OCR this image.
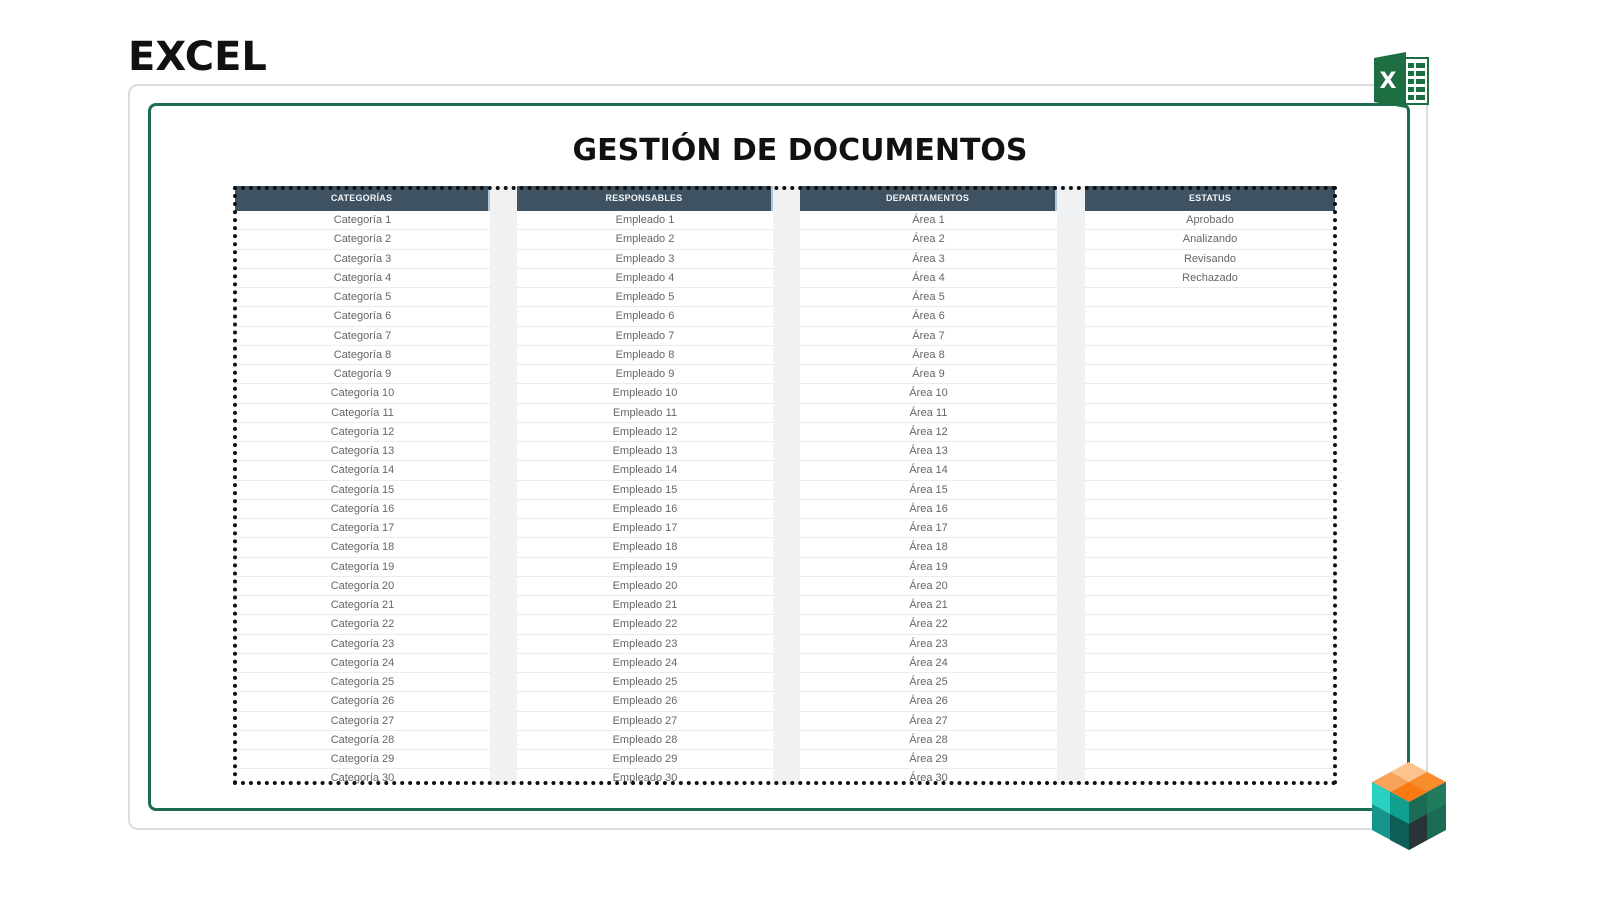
EXCEL
GESTIÓN DE DOCUMENTOS
CATEGORÍAS
Categoría 1
Categoría 2
Categoría 3
Categoría 4
Categoría 5
Categoría 6
Categoría 7
Categoría 8
Categoría 9
Categoría 10
Categoría 11
Categoría 12
Categoría 13
Categoría 14
Categoría 15
Categoría 16
Categoría 17
Categoría 18
Categoría 19
Categoría 20
Categoría 21
Categoría 22
Categoría 23
Categoría 24
Categoría 25
Categoría 26
Categoría 27
Categoría 28
Categoría 29
Categoría 30
RESPONSABLES
Empleado 1
Empleado 2
Empleado 3
Empleado 4
Empleado 5
Empleado 6
Empleado 7
Empleado 8
Empleado 9
Empleado 10
Empleado 11
Empleado 12
Empleado 13
Empleado 14
Empleado 15
Empleado 16
Empleado 17
Empleado 18
Empleado 19
Empleado 20
Empleado 21
Empleado 22
Empleado 23
Empleado 24
Empleado 25
Empleado 26
Empleado 27
Empleado 28
Empleado 29
Empleado 30
DEPARTAMENTOS
Área 1
Área 2
Área 3
Área 4
Área 5
Área 6
Área 7
Área 8
Área 9
Área 10
Área 11
Área 12
Área 13
Área 14
Área 15
Área 16
Área 17
Área 18
Área 19
Área 20
Área 21
Área 22
Área 23
Área 24
Área 25
Área 26
Área 27
Área 28
Área 29
Área 30
ESTATUS
Aprobado
Analizando
Revisando
Rechazado
X
